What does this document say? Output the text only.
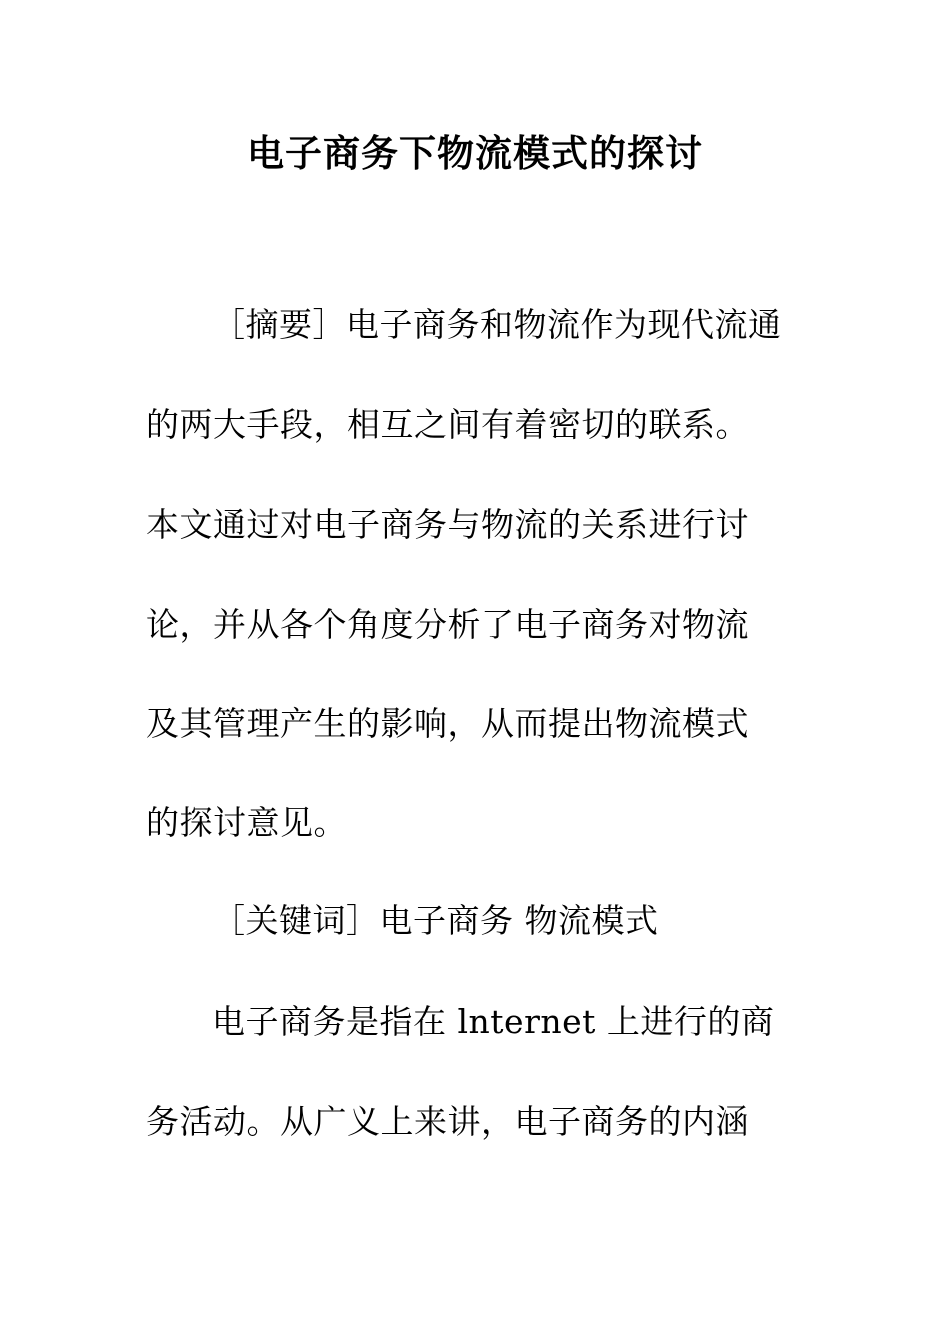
电子商务下物流模式的探讨
［摘要］电子商务和物流作为现代流通
的两大手段，相互之间有着密切的联系。
本文通过对电子商务与物流的关系进行讨
论，并从各个角度分析了电子商务对物流
及其管理产生的影响，从而提出物流模式
的探讨意见。
［关键词］电子商务 物流模式
电子商务是指在 lnternet 上进行的商
务活动。从广义上来讲，电子商务的内涵
